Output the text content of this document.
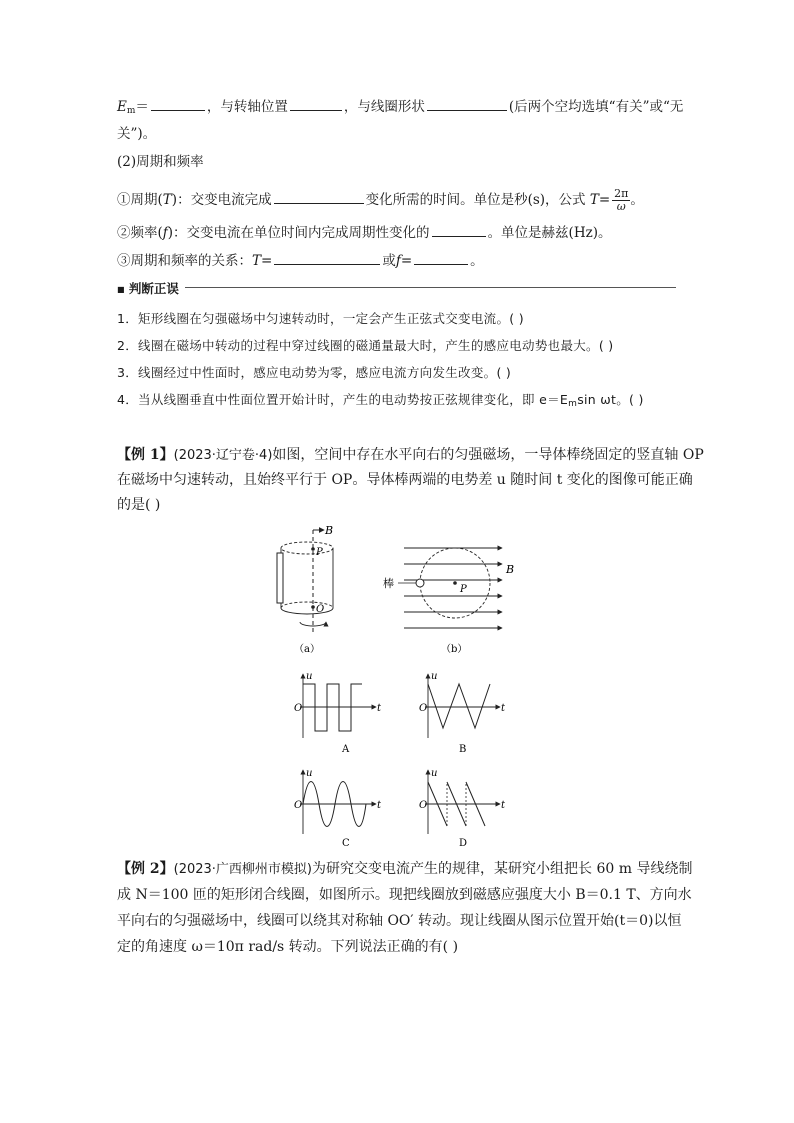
$E_m=$	，与转轴位置	，与线圈形状	(后两个空均选填“有关”或“无
关”)。
(2)周期和频率
①周期(T)：交变电流完成	变化所需的时间。单位是秒(s)，公式 $T= \frac{2\pi}{\omega}$ 。
②频率(f)：交变电流在单位时间内完成周期性变化的	。单位是赫兹(Hz)。
③周期和频率的关系：T=	或f=	。
■ 判断正误
1．矩形线圈在匀强磁场中匀速转动时，一定会产生正弦式交变电流。( )
2．线圈在磁场中转动的过程中穿过线圈的磁通量最大时，产生的感应电动势也最大。( )
3．线圈经过中性面时，感应电动势为零，感应电流方向发生改变。( )
4．当从线圈垂直中性面位置开始计时，产生的电动势按正弦规律变化，即 $e=E_m\sin$ ωt。( )
【例 1】(2023·辽宁卷·4)如图，空间中存在水平向右的匀强磁场，一导体棒绕固定的竖直轴 OP
在磁场中匀速转动，且始终平行于 OP。导体棒两端的电势差 u 随时间 t 变化的图像可能正确
的是( )
B
P
O
（a）
B
P
棒
（b）
u
t
O
A
u
t
O
B
u
t
O
C
u
t
O
D
【例 2】(2023·广西柳州市模拟)为研究交变电流产生的规律，某研究小组把长 60 m 导线绕制
成 N＝100 匝的矩形闭合线圈，如图所示。现把线圈放到磁感应强度大小 B＝0.1 T、方向水
平向右的匀强磁场中，线圈可以绕其对称轴 OO′ 转动。现让线圈从图示位置开始(t＝0)以恒
定的角速度 ω＝10π rad/s 转动。下列说法正确的有( )
